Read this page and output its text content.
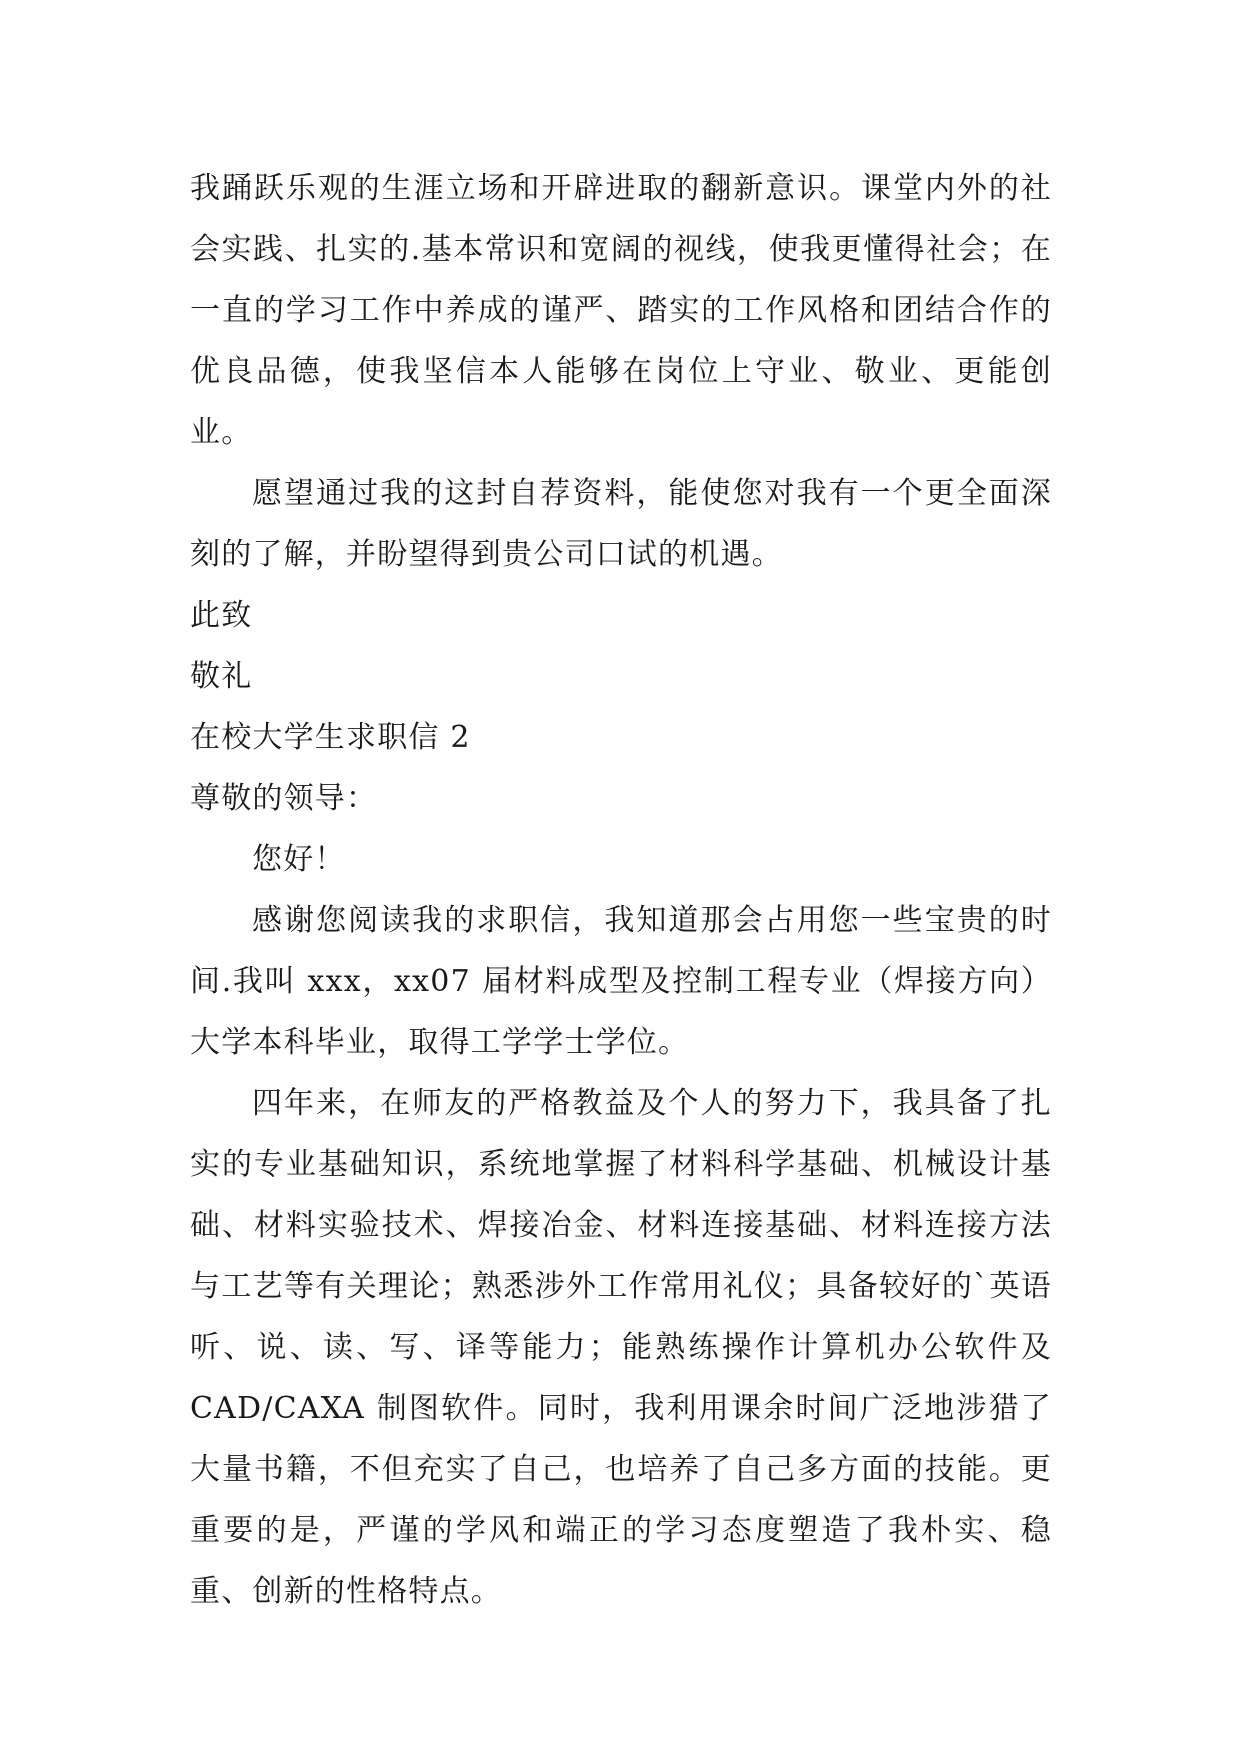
我踊跃乐观的生涯立场和开辟进取的翻新意识。课堂内外的社会实践、扎实的.基本常识和宽阔的视线，使我更懂得社会；在一直的学习工作中养成的谨严、踏实的工作风格和团结合作的优良品德，使我坚信本人能够在岗位上守业、敬业、更能创业。

愿望通过我的这封自荐资料，能使您对我有一个更全面深刻的了解，并盼望得到贵公司口试的机遇。

此致

敬礼

在校大学生求职信 2

尊敬的领导：

您好！

感谢您阅读我的求职信，我知道那会占用您一些宝贵的时间.我叫 xxx，xx07 届材料成型及控制工程专业（焊接方向）大学本科毕业，取得工学学士学位。

四年来，在师友的严格教益及个人的努力下，我具备了扎实的专业基础知识，系统地掌握了材料科学基础、机械设计基础、材料实验技术、焊接冶金、材料连接基础、材料连接方法与工艺等有关理论；熟悉涉外工作常用礼仪；具备较好的`英语听、说、读、写、译等能力；能熟练操作计算机办公软件及 CAD/CAXA 制图软件。同时，我利用课余时间广泛地涉猎了大量书籍，不但充实了自己，也培养了自己多方面的技能。更重要的是，严谨的学风和端正的学习态度塑造了我朴实、稳重、创新的性格特点。
